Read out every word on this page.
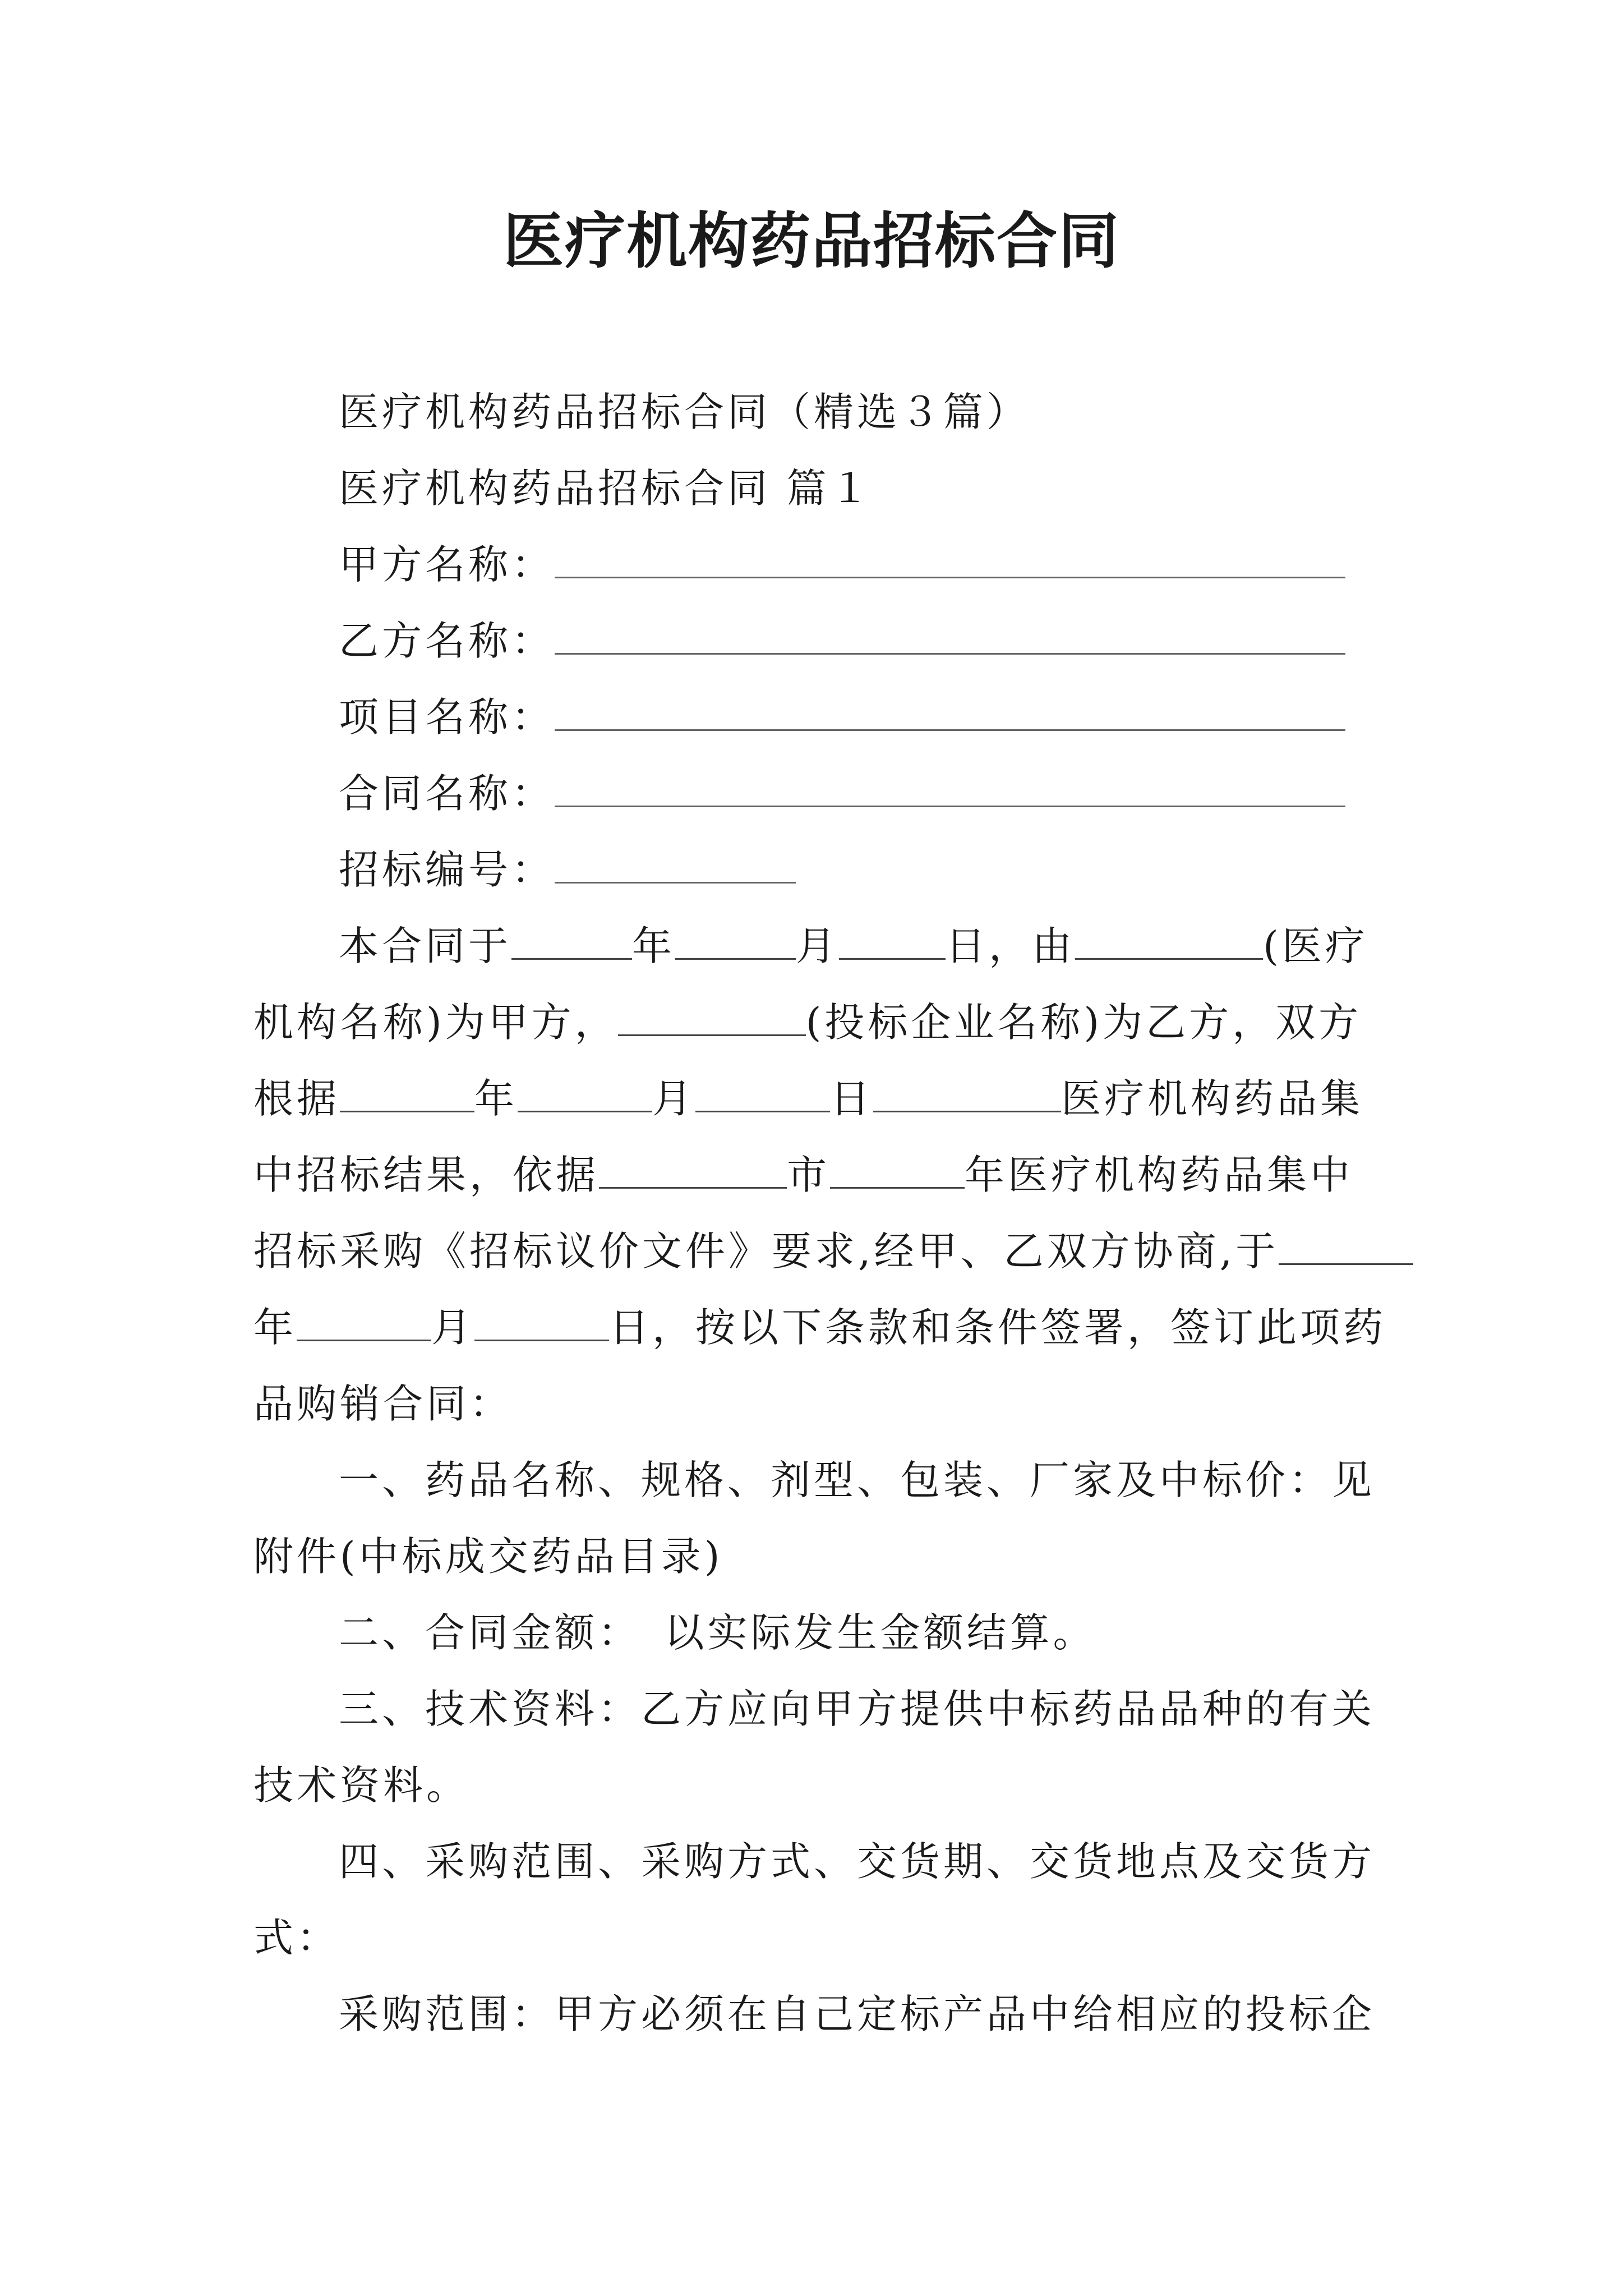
医疗机构药品招标合同
医疗机构药品招标合同（精选３篇）
医疗机构药品招标合同 篇１
甲方名称：
乙方名称：
项目名称：
合同名称：
招标编号：
本合同于	年	月	日，由	(医疗
机构名称)为甲方，	(投标企业名称)为乙方，双方
根据	年	月	日	医疗机构药品集
中招标结果，依据	市	年医疗机构药品集中
招标采购《招标议价文件》要求,经甲、乙双方协商,于
年	月	日，按以下条款和条件签署，签订此项药
品购销合同：
一、药品名称、规格、剂型、包装、厂家及中标价：见
附件(中标成交药品目录)
二、合同金额：　以实际发生金额结算。
三、技术资料：乙方应向甲方提供中标药品品种的有关
技术资料。
四、采购范围、采购方式、交货期、交货地点及交货方
式：
采购范围：甲方必须在自己定标产品中给相应的投标企
